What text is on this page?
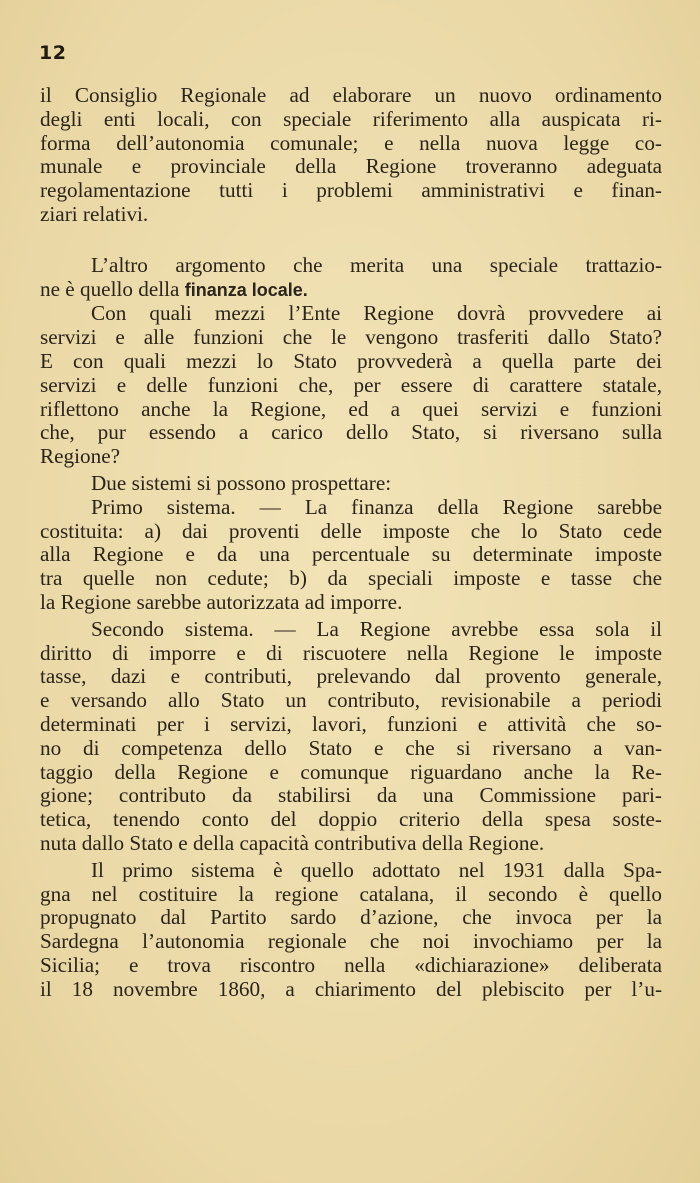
12

il Consiglio Regionale ad elaborare un nuovo ordinamento

degli enti locali, con speciale riferimento alla auspicata ri-

forma dell’autonomia comunale; e nella nuova legge co-

munale e provinciale della Regione troveranno adeguata

regolamentazione tutti i problemi amministrativi e finan-

ziari relativi.

L’altro argomento che merita una speciale trattazio-

ne è quello della finanza locale.

Con quali mezzi l’Ente Regione dovrà provvedere ai

servizi e alle funzioni che le vengono trasferiti dallo Stato?

E con quali mezzi lo Stato provvederà a quella parte dei

servizi e delle funzioni che, per essere di carattere statale,

riflettono anche la Regione, ed a quei servizi e funzioni

che, pur essendo a carico dello Stato, si riversano sulla

Regione?

Due sistemi si possono prospettare:

Primo sistema. — La finanza della Regione sarebbe

costituita: a) dai proventi delle imposte che lo Stato cede

alla Regione e da una percentuale su determinate imposte

tra quelle non cedute; b) da speciali imposte e tasse che

la Regione sarebbe autorizzata ad imporre.

Secondo sistema. — La Regione avrebbe essa sola il

diritto di imporre e di riscuotere nella Regione le imposte

tasse, dazi e contributi, prelevando dal provento generale,

e versando allo Stato un contributo, revisionabile a periodi

determinati per i servizi, lavori, funzioni e attività che so-

no di competenza dello Stato e che si riversano a van-

taggio della Regione e comunque riguardano anche la Re-

gione; contributo da stabilirsi da una Commissione pari-

tetica, tenendo conto del doppio criterio della spesa soste-

nuta dallo Stato e della capacità contributiva della Regione.

Il primo sistema è quello adottato nel 1931 dalla Spa-

gna nel costituire la regione catalana, il secondo è quello

propugnato dal Partito sardo d’azione, che invoca per la

Sardegna l’autonomia regionale che noi invochiamo per la

Sicilia; e trova riscontro nella «dichiarazione» deliberata

il 18 novembre 1860, a chiarimento del plebiscito per l’u-
